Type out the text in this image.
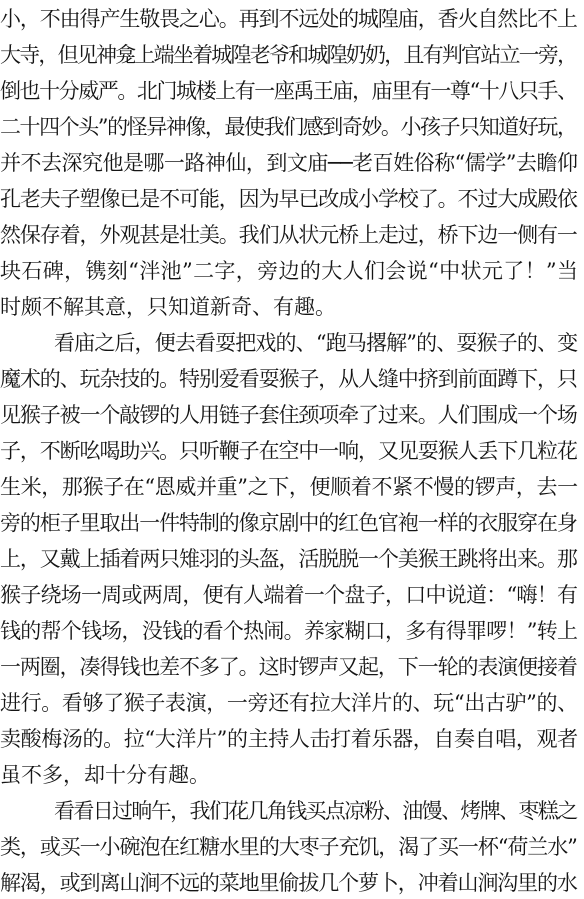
小，不由得产生敬畏之心。再到不远处的城隍庙，香火自然比不上
大寺，但见神龛上端坐着城隍老爷和城隍奶奶，且有判官站立一旁，
倒也十分威严。北门城楼上有一座禹王庙，庙里有一尊“十八只手、
二十四个头”的怪异神像，最使我们感到奇妙。小孩子只知道好玩，
并不去深究他是哪一路神仙，到文庙──老百姓俗称“儒学”去瞻仰
孔老夫子塑像已是不可能，因为早已改成小学校了。不过大成殿依
然保存着，外观甚是壮美。我们从状元桥上走过，桥下边一侧有一
块石碑，镌刻“泮池”二字，旁边的大人们会说“中状元了！”当
时颇不解其意，只知道新奇、有趣。
看庙之后，便去看耍把戏的、“跑马撂解”的、耍猴子的、变
魔术的、玩杂技的。特别爱看耍猴子，从人缝中挤到前面蹲下，只
见猴子被一个敲锣的人用链子套住颈项牵了过来。人们围成一个场
子，不断吆喝助兴。只听鞭子在空中一响，又见耍猴人丢下几粒花
生米，那猴子在“恩威并重”之下，便顺着不紧不慢的锣声，去一
旁的柜子里取出一件特制的像京剧中的红色官袍一样的衣服穿在身
上，又戴上插着两只雉羽的头盔，活脱脱一个美猴王跳将出来。那
猴子绕场一周或两周，便有人端着一个盘子，口中说道：“嗨！有
钱的帮个钱场，没钱的看个热闹。养家糊口，多有得罪啰！”转上
一两圈，凑得钱也差不多了。这时锣声又起，下一轮的表演便接着
进行。看够了猴子表演，一旁还有拉大洋片的、玩“出古驴”的、
卖酸梅汤的。拉“大洋片”的主持人击打着乐器，自奏自唱，观者
虽不多，却十分有趣。
看看日过晌午，我们花几角钱买点凉粉、油馒、烤牌、枣糕之
类，或买一小碗泡在红糖水里的大枣子充饥，渴了买一杯“荷兰水”
解渴，或到离山涧不远的菜地里偷拔几个萝卜，冲着山涧沟里的水
